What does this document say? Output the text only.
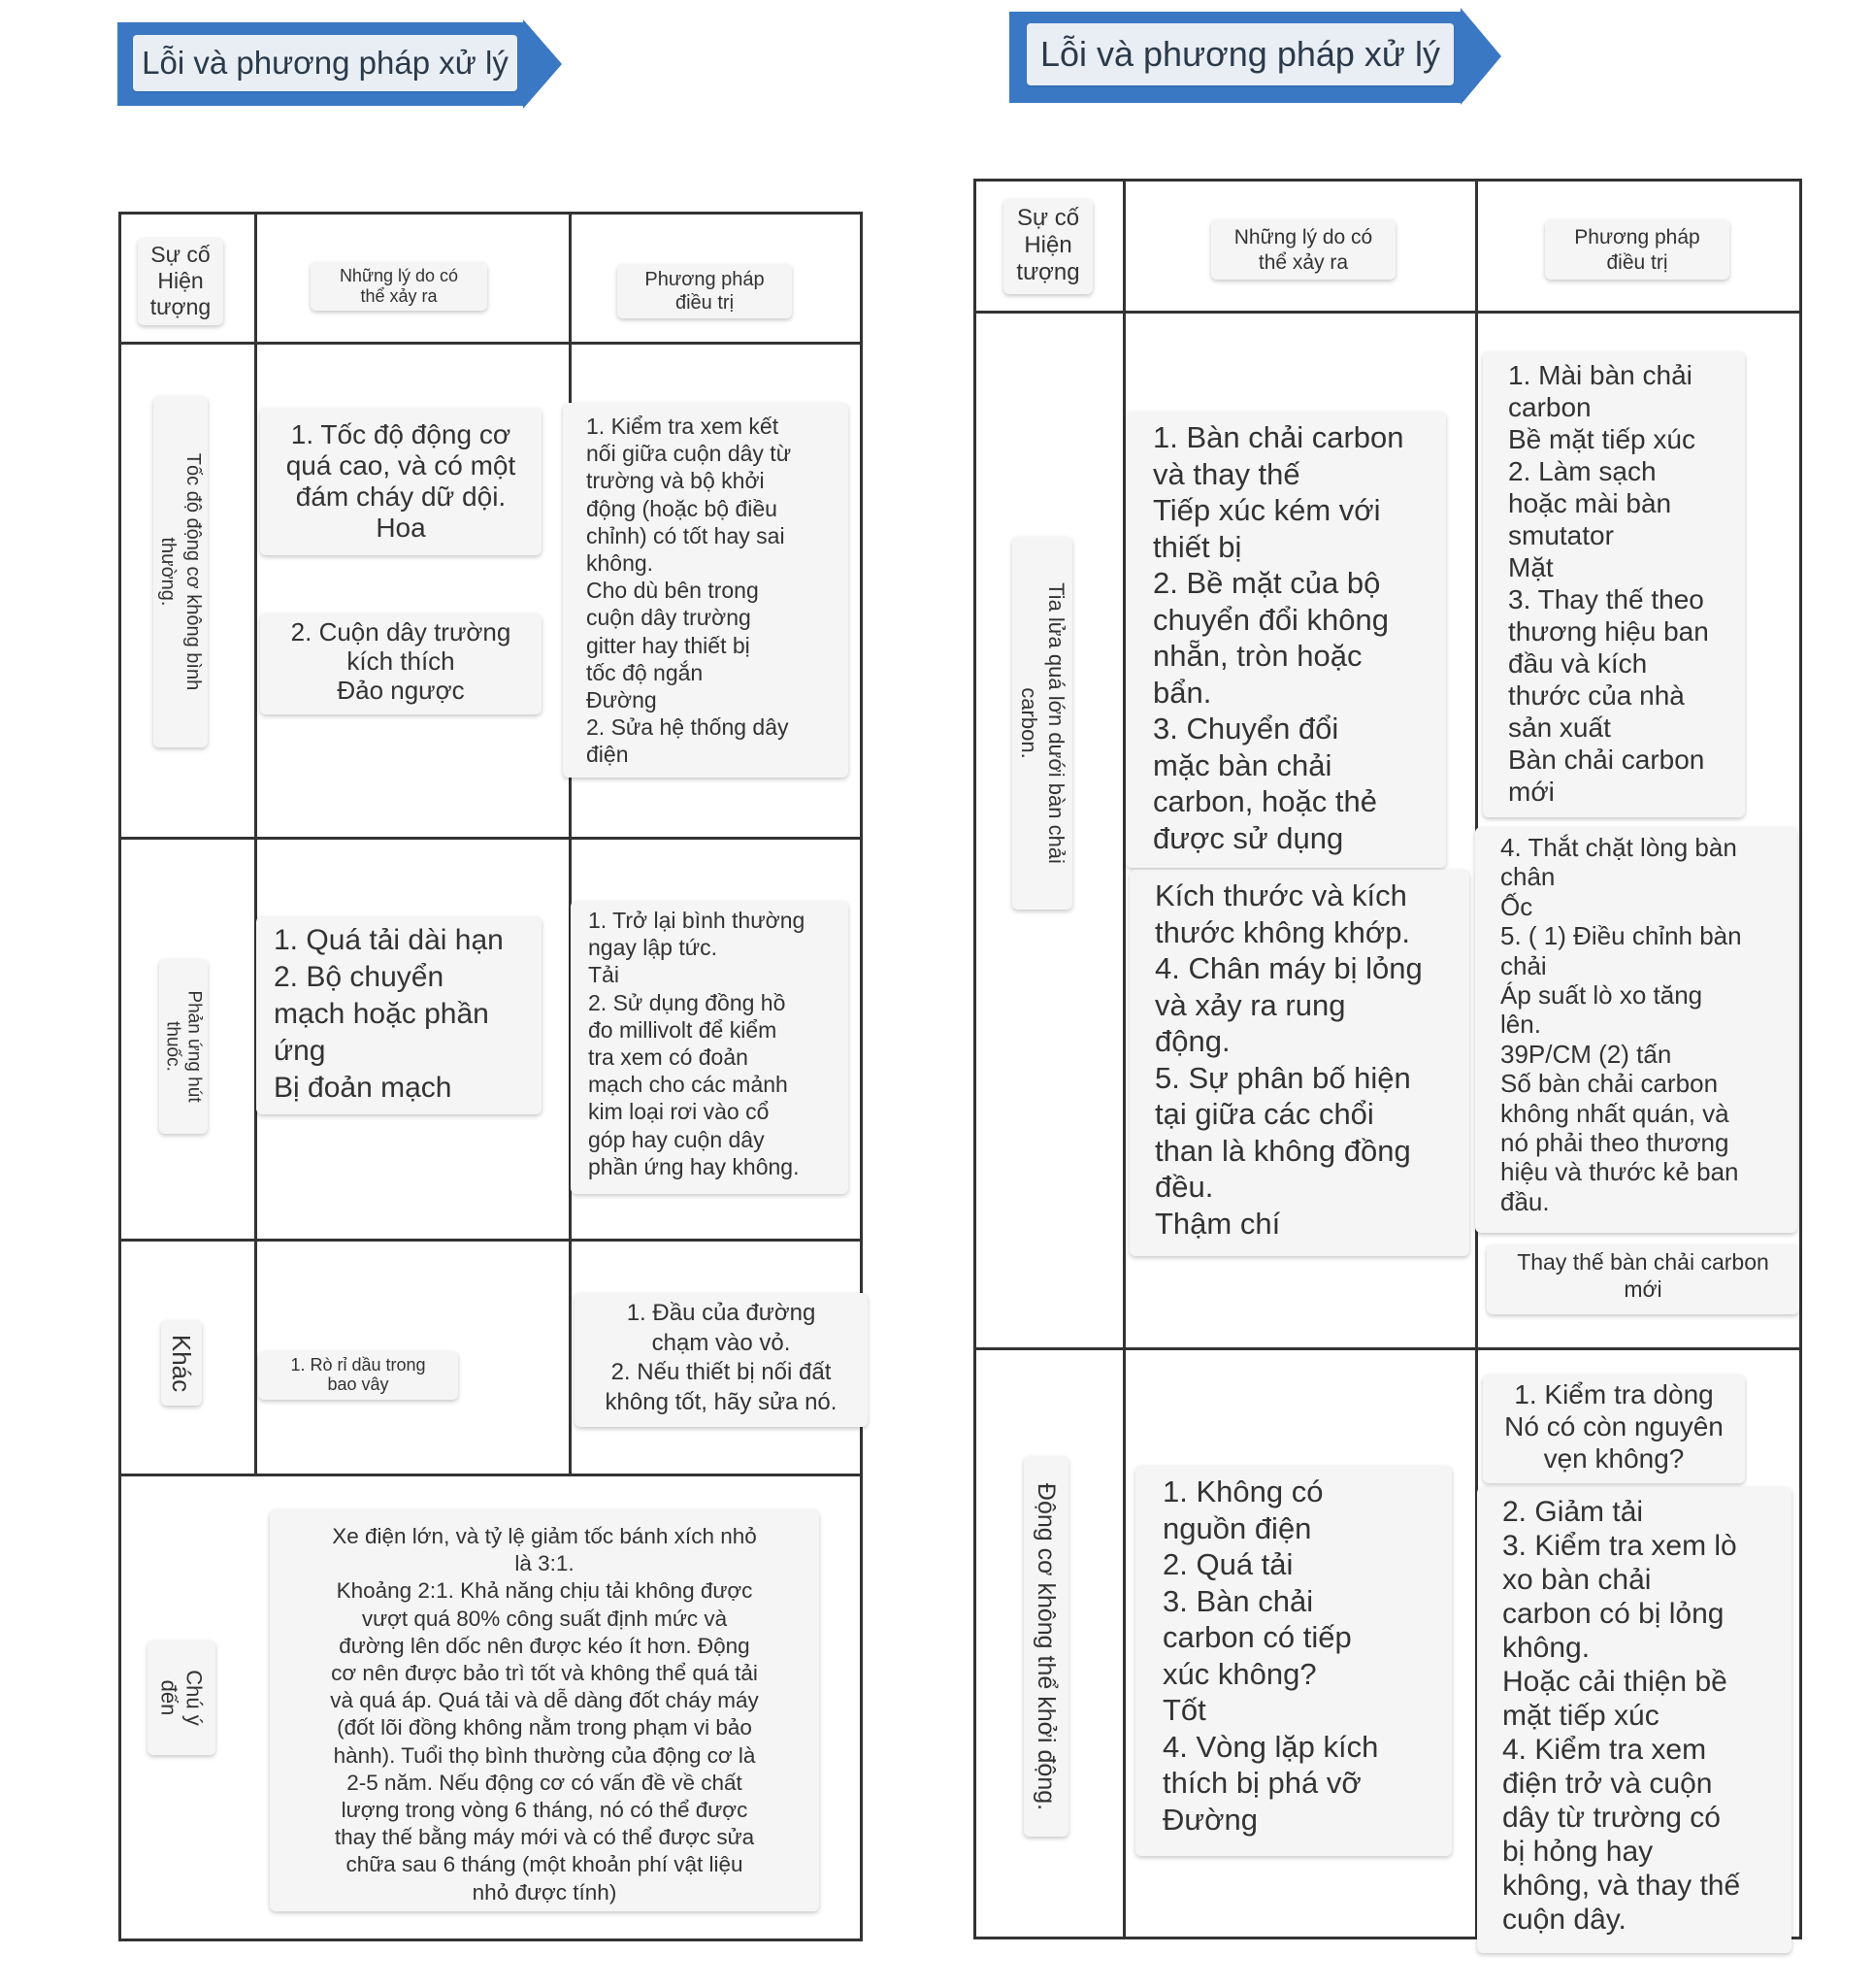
Lỗi và phương pháp xử lý
Sự cố
Hiện
tượng
Những lý do có
thể xảy ra
Phương pháp
điều trị
Tốc độ động cơ không bình
thường.
1. Tốc độ động cơ
quá cao, và có một
đám cháy dữ dội.
Hoa
2. Cuộn dây trường
kích thích
Đảo ngược
1. Kiểm tra xem kết
nối giữa cuộn dây từ
trường và bộ khởi
động (hoặc bộ điều
chỉnh) có tốt hay sai
không.
Cho dù bên trong
cuộn dây trường
gitter hay thiết bị
tốc độ ngắn
Đường
2. Sửa hệ thống dây
điện
Phản ứng hút
thuốc.
1. Quá tải dài hạn
2. Bộ chuyển
mạch hoặc phần
ứng
Bị đoản mạch
1. Trở lại bình thường
ngay lập tức.
Tải
2. Sử dụng đồng hồ
đo millivolt để kiểm
tra xem có đoản
mạch cho các mảnh
kim loại rơi vào cổ
góp hay cuộn dây
phần ứng hay không.
Khác	1. Rò rỉ dầu trong
bao vây
1. Đầu của đường
chạm vào vỏ.
2. Nếu thiết bị nối đất
không tốt, hãy sửa nó.
Chú ý
đến
Xe điện lớn, và tỷ lệ giảm tốc bánh xích nhỏ
là 3:1.
Khoảng 2:1. Khả năng chịu tải không được
vượt quá 80% công suất định mức và
đường lên dốc nên được kéo ít hơn. Động
cơ nên được bảo trì tốt và không thể quá tải
và quá áp. Quá tải và dễ dàng đốt cháy máy
(đốt lõi đồng không nằm trong phạm vi bảo
hành). Tuổi thọ bình thường của động cơ là
2-5 năm. Nếu động cơ có vấn đề về chất
lượng trong vòng 6 tháng, nó có thể được
thay thế bằng máy mới và có thể được sửa
chữa sau 6 tháng (một khoản phí vật liệu
nhỏ được tính)
Lỗi và phương pháp xử lý
Sự cố
Hiện
tượng
Những lý do có
thể xảy ra
Phương pháp
điều trị
Tia lửa quá lớn dưới bàn chải
carbon.
1. Bàn chải carbon
và thay thế
Tiếp xúc kém với
thiết bị
2. Bề mặt của bộ
chuyển đổi không
nhẵn, tròn hoặc
bẩn.
3. Chuyển đổi
mặc bàn chải
carbon, hoặc thẻ
được sử dụng
Kích thước và kích
thước không khớp.
4. Chân máy bị lỏng
và xảy ra rung
động.
5. Sự phân bố hiện
tại giữa các chổi
than là không đồng
đều.
Thậm chí
1. Mài bàn chải
carbon
Bề mặt tiếp xúc
2. Làm sạch
hoặc mài bàn
smutator
Mặt
3. Thay thế theo
thương hiệu ban
đầu và kích
thước của nhà
sản xuất
Bàn chải carbon
mới
4. Thắt chặt lòng bàn
chân
Ốc
5. ( 1) Điều chỉnh bàn
chải
Áp suất lò xo tăng
lên.
39P/CM (2) tấn
Số bàn chải carbon
không nhất quán, và
nó phải theo thương
hiệu và thước kẻ ban
đầu.
Thay thế bàn chải carbon
mới
Động cơ không thể khởi động.	1. Không có
nguồn điện
2. Quá tải
3. Bàn chải
carbon có tiếp
xúc không?
Tốt
4. Vòng lặp kích
thích bị phá vỡ
Đường
1. Kiểm tra dòng
Nó có còn nguyên
vẹn không?
2. Giảm tải
3. Kiểm tra xem lò
xo bàn chải
carbon có bị lỏng
không.
Hoặc cải thiện bề
mặt tiếp xúc
4. Kiểm tra xem
điện trở và cuộn
dây từ trường có
bị hỏng hay
không, và thay thế
cuộn dây.
